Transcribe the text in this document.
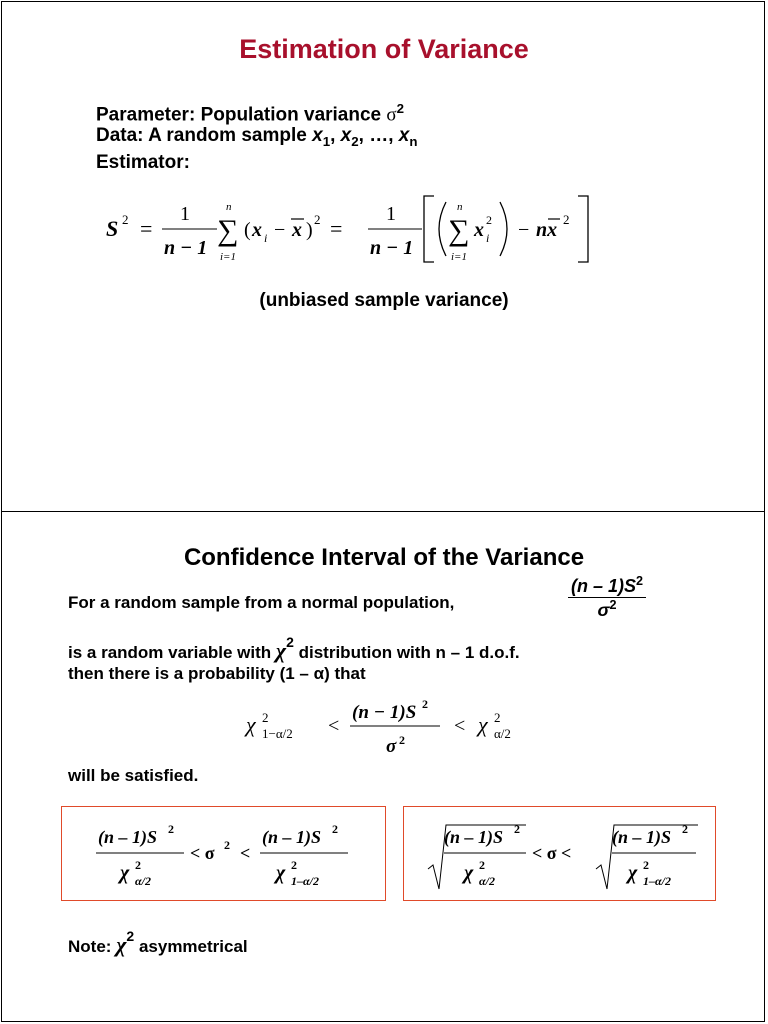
Estimation of Variance
Parameter: Population variance $\sigma^2$
Data: A random sample $x_1$, $x_2$, …, $x_n$
Estimator:
S 2 =
1
n − 1
n
∑
i=1
( x i − x ) 2 =
1
n − 1
n
∑
i=1
x 2
i − nx 2
(unbiased sample variance)
Confidence Interval of the Variance
For a random sample from a normal population,	$\frac{(n - 1)S^2}{\sigma^2}$
is a random variable with $\chi^2$ distribution with n – 1 d.o.f.
then there is a probability (1 – α) that
χ 2
1−α/2 <
(n − 1)S 2
σ 2
< χ 2
α/2
will be satisfied.
(n – 1)S 2
χ 2
α/2
< σ 2 <
(n – 1)S 2
χ 2
1–α/2
(n – 1)S 2
χ 2
α/2
< σ <
(n – 1)S 2
χ 2
1–α/2
Note: $\chi^2$ asymmetrical
